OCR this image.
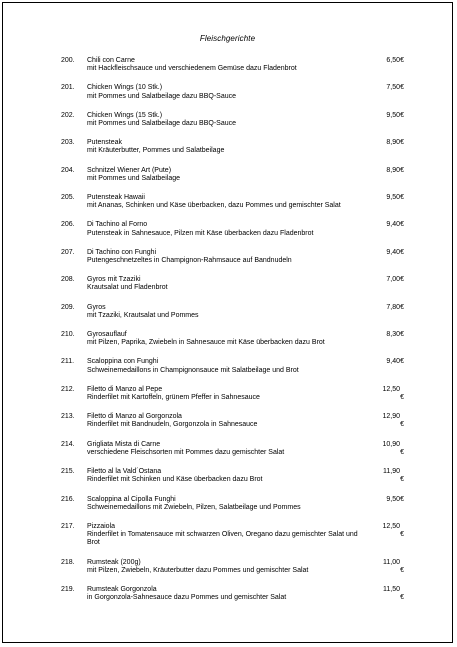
Fleischgerichte
200.	Chili con Carne
mit Hackfleischsauce und verschiedenem Gemüse dazu Fladenbrot
6,50 €
201.	Chicken Wings (10 Stk.)
mit Pommes und Salatbeilage dazu BBQ-Sauce
7,50 €
202.	Chicken Wings (15 Stk.)
mit Pommes und Salatbeilage dazu BBQ-Sauce
9,50 €
203.	Putensteak
mit Kräuterbutter, Pommes und Salatbeilage
8,90 €
204.	Schnitzel Wiener Art (Pute)
mit Pommes und Salatbeilage
8,90 €
205.	Putensteak Hawaii
mit Ananas, Schinken und Käse überbacken, dazu Pommes und gemischter Salat
9,50 €
206.	Di Tachino al Forno
Putensteak in Sahnesauce, Pilzen mit Käse überbacken dazu Fladenbrot
9,40 €
207.	Di Tachino con Funghi
Putengeschnetzeltes in Champignon-Rahmsauce auf Bandnudeln
9,40 €
208.	Gyros mit Tzaziki
Krautsalat und Fladenbrot
7,00 €
209.	Gyros
mit Tzaziki, Krautsalat und Pommes
7,80 €
210.	Gyrosauflauf
mit Pilzen, Paprika, Zwiebeln in Sahnesauce mit Käse überbacken dazu Brot
8,30 €
211.	Scaloppina con Funghi
Schweinemedaillons in Champignonsauce mit Salatbeilage und Brot
9,40 €
212.	Filetto di Manzo al Pepe
Rinderfilet mit Kartoffeln, grünem Pfeffer in Sahnesauce
12,50
€
213.	Filetto di Manzo al Gorgonzola
Rinderfilet mit Bandnudeln, Gorgonzola in Sahnesauce
12,90
€
214.	Grigliata Mista di Carne
verschiedene Fleischsorten mit Pommes dazu gemischter Salat
10,90
€
215.	Filetto al la Vald´Ostana
Rinderfilet mit Schinken und Käse überbacken dazu Brot
11,90
€
216.	Scaloppina al Cipolla Funghi
Schweinemedaillons mit Zwiebeln, Pilzen, Salatbeilage und Pommes
9,50 €
217.	Pizzaiola
Rinderfilet in Tomatensauce mit schwarzen Oliven, Oregano dazu gemischter Salat und Brot
12,50
€
218.	Rumsteak (200g)
mit Pilzen, Zwiebeln, Kräuterbutter dazu Pommes und gemischter Salat
11,00
€
219.	Rumsteak Gorgonzola
in Gorgonzola-Sahnesauce dazu Pommes und gemischter Salat
11,50
€
